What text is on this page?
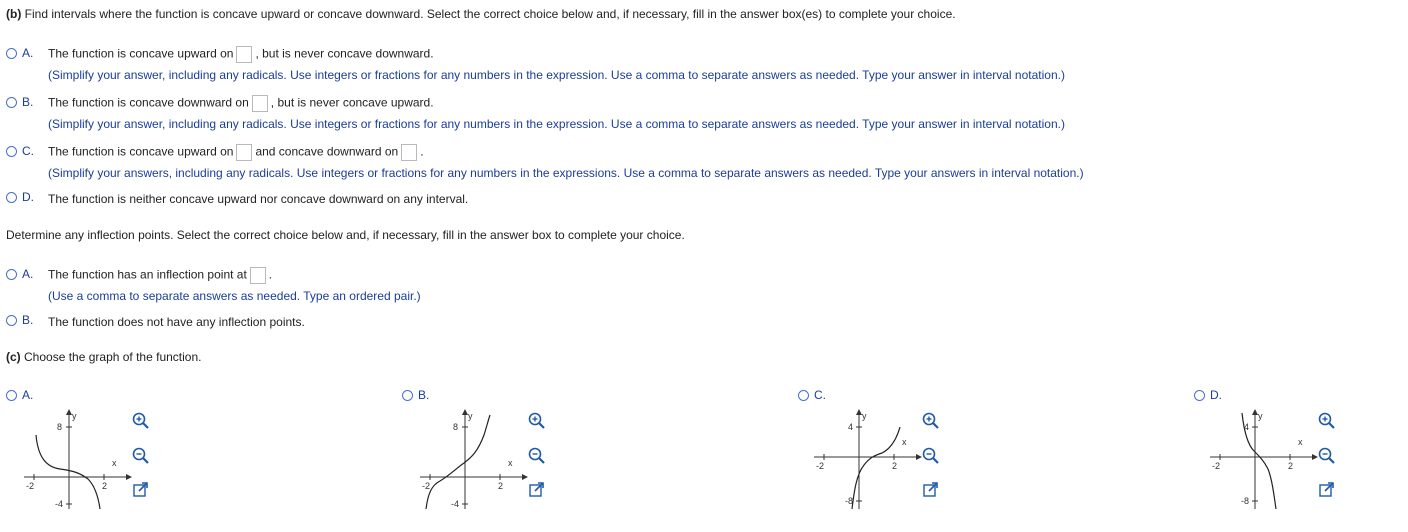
(b) Find intervals where the function is concave upward or concave downward. Select the correct choice below and, if necessary, fill in the answer box(es) to complete your choice.
A. The function is concave upward on , but is never concave downward.
(Simplify your answer, including any radicals. Use integers or fractions for any numbers in the expression. Use a comma to separate answers as needed. Type your answer in interval notation.)
B. The function is concave downward on , but is never concave upward.
(Simplify your answer, including any radicals. Use integers or fractions for any numbers in the expression. Use a comma to separate answers as needed. Type your answer in interval notation.)
C. The function is concave upward on and concave downward on .
(Simplify your answers, including any radicals. Use integers or fractions for any numbers in the expressions. Use a comma to separate answers as needed. Type your answers in interval notation.)
D. The function is neither concave upward nor concave downward on any interval.
Determine any inflection points. Select the correct choice below and, if necessary, fill in the answer box to complete your choice.
A. The function has an inflection point at .
(Use a comma to separate answers as needed. Type an ordered pair.)
B. The function does not have any inflection points.
(c) Choose the graph of the function.
A.
y
x
8
-4
-2	2
B.
y
x
8
-4
-2	2
C.
y
x
4
-8
-2	2
D.
y
x
4
-8
-2	2
